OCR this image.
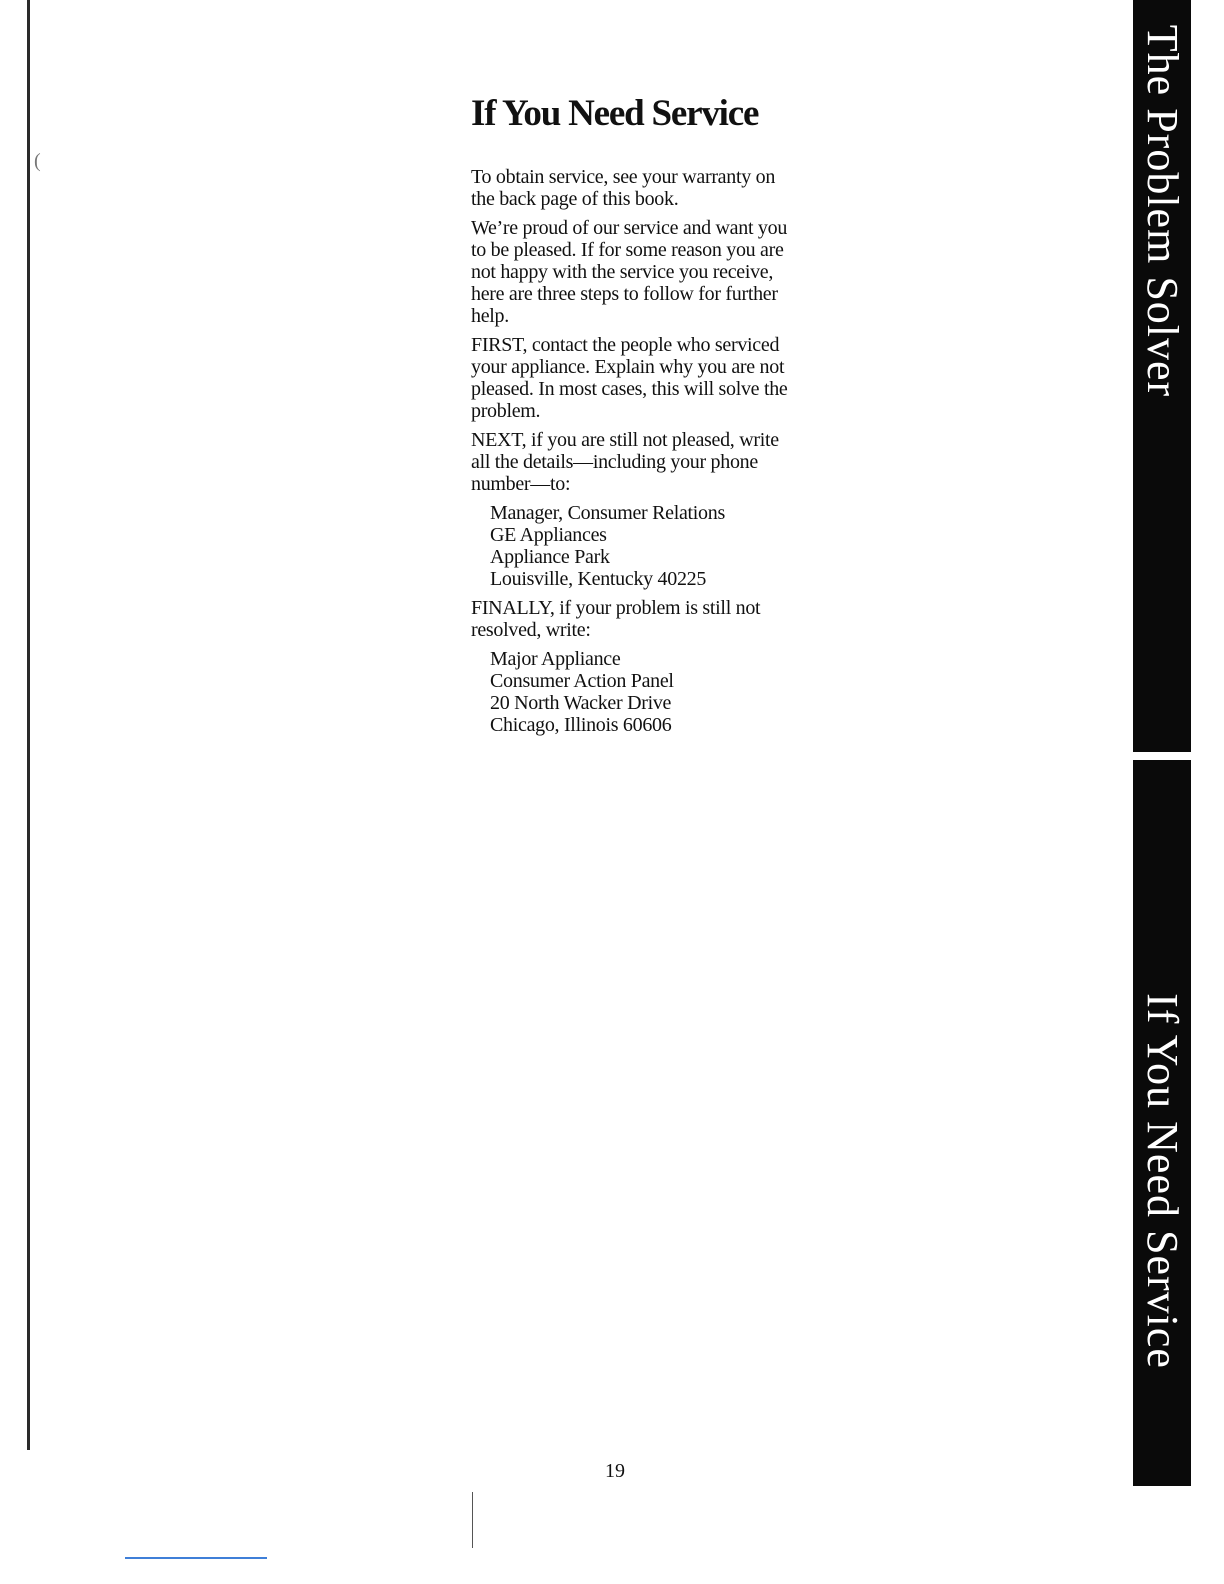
(	The Problem Solver
If You Need Service
If You Need Service

To obtain service, see your warranty on the back page of this book.

We’re proud of our service and want you to be pleased. If for some reason you are not happy with the service you receive, here are three steps to follow for further help.

FIRST, contact the people who serviced your appliance. Explain why you are not pleased. In most cases, this will solve the problem.

NEXT, if you are still not pleased, write all the details—including your phone number—to:

Manager, Consumer Relations
GE Appliances
Appliance Park
Louisville, Kentucky 40225

FINALLY, if your problem is still not resolved, write:

Major Appliance
Consumer Action Panel
20 North Wacker Drive
Chicago, Illinois 60606
19
